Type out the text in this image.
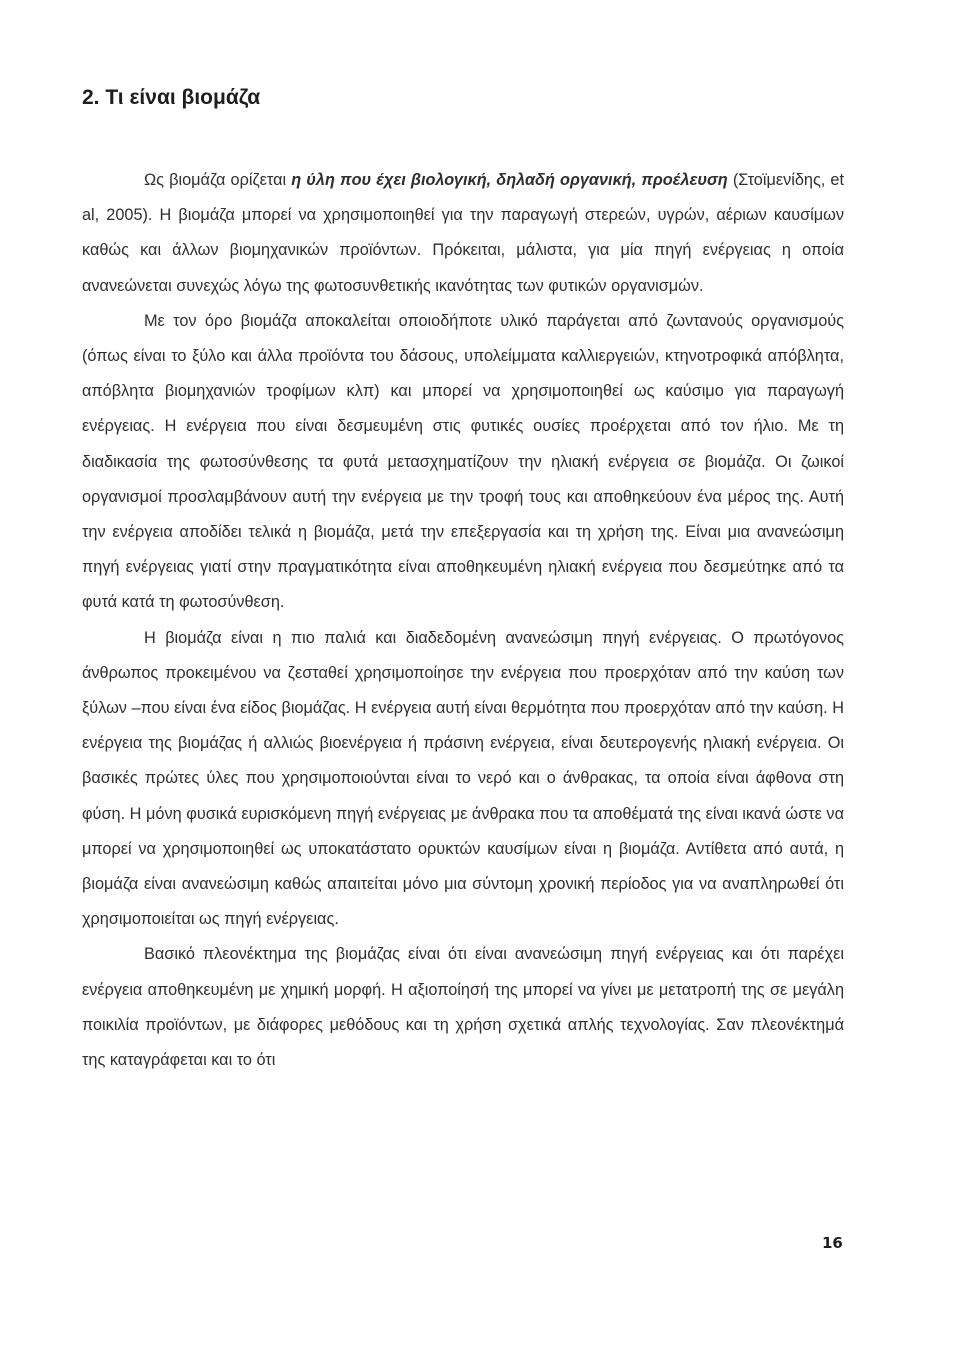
2. Τι είναι βιομάζα

Ως βιομάζα ορίζεται η ύλη που έχει βιολογική, δηλαδή οργανική, προέλευση (Στοϊμενίδης, et al, 2005). Η βιομάζα μπορεί να χρησιμοποιηθεί για την παραγωγή στερεών, υγρών, αέριων καυσίμων καθώς και άλλων βιομηχανικών προϊόντων. Πρόκειται, μάλιστα, για μία πηγή ενέργειας η οποία ανανεώνεται συνεχώς λόγω της φωτοσυνθετικής ικανότητας των φυτικών οργανισμών.

Με τον όρο βιομάζα αποκαλείται οποιοδήποτε υλικό παράγεται από ζωντανούς οργανισμούς (όπως είναι το ξύλο και άλλα προϊόντα του δάσους, υπολείμματα καλλιεργειών, κτηνοτροφικά απόβλητα, απόβλητα βιομηχανιών τροφίμων κλπ) και μπορεί να χρησιμοποιηθεί ως καύσιμο για παραγωγή ενέργειας. Η ενέργεια που είναι δεσμευμένη στις φυτικές ουσίες προέρχεται από τον ήλιο. Με τη διαδικασία της φωτοσύνθεσης τα φυτά μετασχηματίζουν την ηλιακή ενέργεια σε βιομάζα. Οι ζωικοί οργανισμοί προσλαμβάνουν αυτή την ενέργεια με την τροφή τους και αποθηκεύουν ένα μέρος της. Αυτή την ενέργεια αποδίδει τελικά η βιομάζα, μετά την επεξεργασία και τη χρήση της. Είναι μια ανανεώσιμη πηγή ενέργειας γιατί στην πραγματικότητα είναι αποθηκευμένη ηλιακή ενέργεια που δεσμεύτηκε από τα φυτά κατά τη φωτοσύνθεση.

Η βιομάζα είναι η πιο παλιά και διαδεδομένη ανανεώσιμη πηγή ενέργειας. Ο πρωτόγονος άνθρωπος προκειμένου να ζεσταθεί χρησιμοποίησε την ενέργεια που προερχόταν από την καύση των ξύλων –που είναι ένα είδος βιομάζας. Η ενέργεια αυτή είναι θερμότητα που προερχόταν από την καύση. Η ενέργεια της βιομάζας ή αλλιώς βιοενέργεια ή πράσινη ενέργεια, είναι δευτερογενής ηλιακή ενέργεια. Οι βασικές πρώτες ύλες που χρησιμοποιούνται είναι το νερό και ο άνθρακας, τα οποία είναι άφθονα στη φύση. Η μόνη φυσικά ευρισκόμενη πηγή ενέργειας με άνθρακα που τα αποθέματά της είναι ικανά ώστε να μπορεί να χρησιμοποιηθεί ως υποκατάστατο ορυκτών καυσίμων είναι η βιομάζα. Αντίθετα από αυτά, η βιομάζα είναι ανανεώσιμη καθώς απαιτείται μόνο μια σύντομη χρονική περίοδος για να αναπληρωθεί ότι χρησιμοποιείται ως πηγή ενέργειας.

Βασικό πλεονέκτημα της βιομάζας είναι ότι είναι ανανεώσιμη πηγή ενέργειας και ότι παρέχει ενέργεια αποθηκευμένη με χημική μορφή. Η αξιοποίησή της μπορεί να γίνει με μετατροπή της σε μεγάλη ποικιλία προϊόντων, με διάφορες μεθόδους και τη χρήση σχετικά απλής τεχνολογίας. Σαν πλεονέκτημά της καταγράφεται και το ότι

16
